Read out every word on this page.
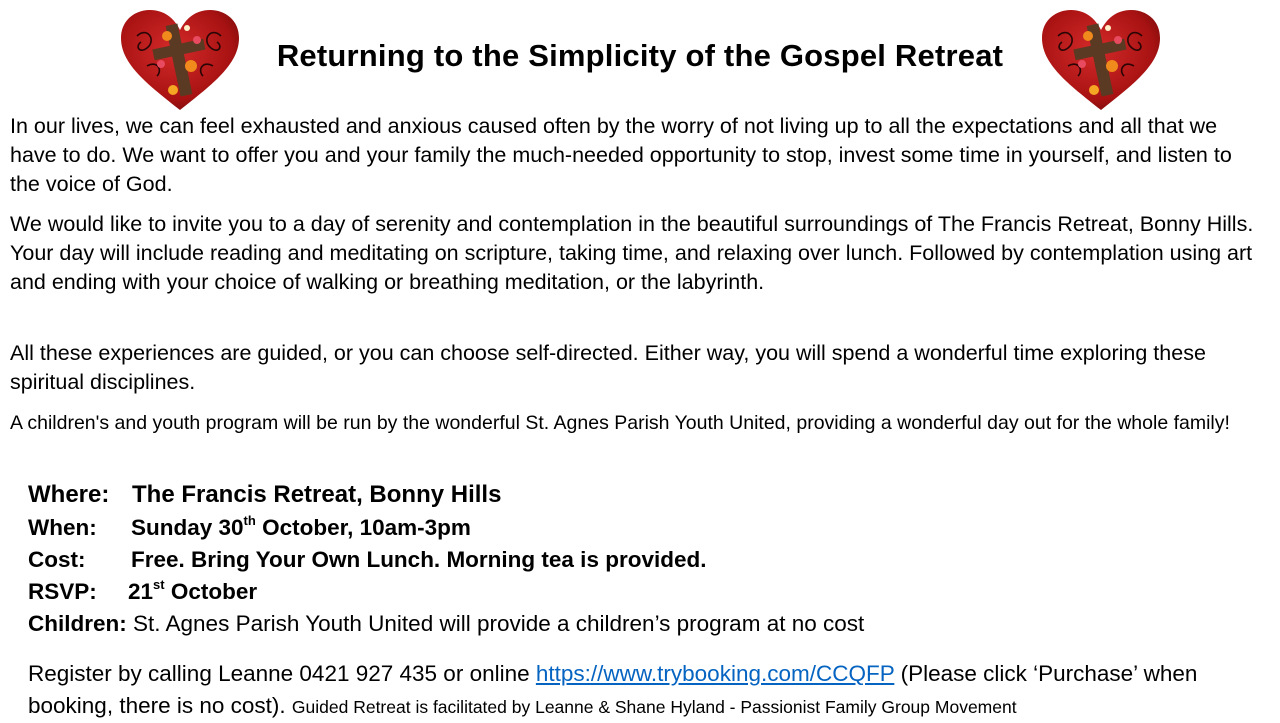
Returning to the Simplicity of the Gospel Retreat
In our lives, we can feel exhausted and anxious caused often by the worry of not living up to all the expectations and all that we have to do. We want to offer you and your family the much-needed opportunity to stop, invest some time in yourself, and listen to the voice of God.
We would like to invite you to a day of serenity and contemplation in the beautiful surroundings of The Francis Retreat, Bonny Hills. Your day will include reading and meditating on scripture, taking time, and relaxing over lunch. Followed by contemplation using art and ending with your choice of walking or breathing meditation, or the labyrinth.
All these experiences are guided, or you can choose self-directed. Either way, you will spend a wonderful time exploring these spiritual disciplines.
A children's and youth program will be run by the wonderful St. Agnes Parish Youth United, providing a wonderful day out for the whole family!
Where: The Francis Retreat, Bonny Hills
When: Sunday 30th October, 10am-3pm
Cost: Free. Bring Your Own Lunch. Morning tea is provided.
RSVP: 21st October
Children: St. Agnes Parish Youth United will provide a children’s program at no cost
Register by calling Leanne 0421 927 435 or online https://www.trybooking.com/CCQFP (Please click ‘Purchase’ when booking, there is no cost). Guided Retreat is facilitated by Leanne & Shane Hyland - Passionist Family Group Movement
